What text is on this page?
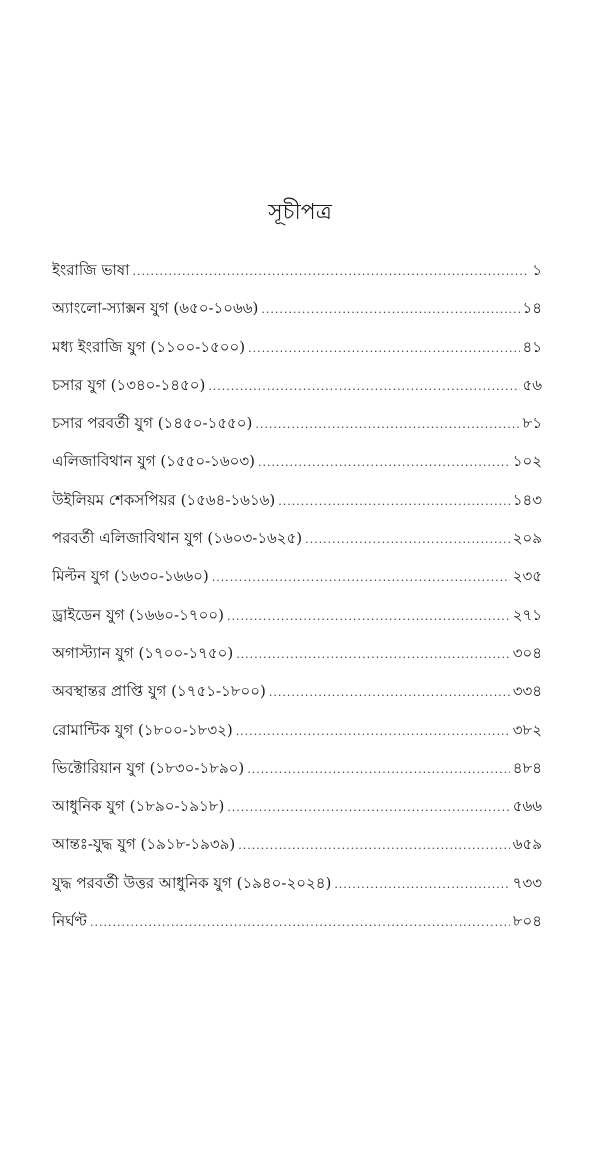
সূচীপত্র
ইংরাজি ভাষা .....	১
অ্যাংলো-স্যাক্সন যুগ (৬৫০-১০৬৬) .....	১৪
মধ্য ইংরাজি যুগ (১১০০-১৫০০) .....	৪১
চসার যুগ (১৩৪০-১৪৫০) .....	৫৬
চসার পরবর্তী যুগ (১৪৫০-১৫৫০) .....	৮১
এলিজাবিথান যুগ (১৫৫০-১৬০৩) .....	১০২
উইলিয়ম শেকসপিয়র (১৫৬৪-১৬১৬) .....	১৪৩
পরবর্তী এলিজাবিথান যুগ (১৬০৩-১৬২৫) .....	২০৯
মিল্টন যুগ (১৬৩০-১৬৬০) .....	২৩৫
ড্রাইডেন যুগ (১৬৬০-১৭০০) .....	২৭১
অগাস্ট্যান যুগ (১৭০০-১৭৫০) .....	৩০৪
অবস্থান্তর প্রাপ্তি যুগ (১৭৫১-১৮০০) .....	৩৩৪
রোমান্টিক যুগ (১৮০০-১৮৩২) .....	৩৮২
ভিক্টোরিয়ান যুগ (১৮৩০-১৮৯০) .....	৪৮৪
আধুনিক যুগ (১৮৯০-১৯১৮) .....	৫৬৬
আন্তঃ-যুদ্ধ যুগ (১৯১৮-১৯৩৯) .....	৬৫৯
যুদ্ধ পরবর্তী উত্তর আধুনিক যুগ (১৯৪০-২০২৪) .....	৭৩৩
নির্ঘণ্ট .....	৮০৪
